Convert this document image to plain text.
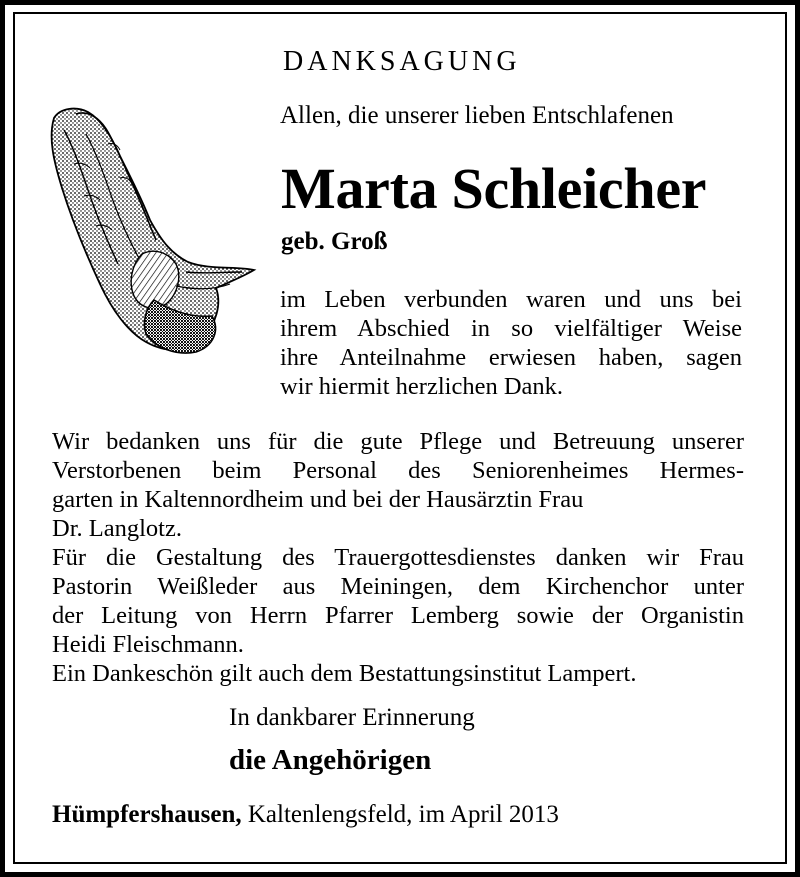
DANKSAGUNG
Allen, die unserer lieben Entschlafenen
Marta Schleicher
geb. Groß
im Leben verbunden waren und uns bei
ihrem Abschied in so vielfältiger Weise
ihre Anteilnahme erwiesen haben, sagen
wir hiermit herzlichen Dank.
Wir bedanken uns für die gute Pflege und Betreuung unserer
Verstorbenen beim Personal des Seniorenheimes Hermes-
garten in Kaltennordheim und bei der Hausärztin Frau
Dr. Langlotz.
Für die Gestaltung des Trauergottesdienstes danken wir Frau
Pastorin Weißleder aus Meiningen, dem Kirchenchor unter
der Leitung von Herrn Pfarrer Lemberg sowie der Organistin
Heidi Fleischmann.
Ein Dankeschön gilt auch dem Bestattungsinstitut Lampert.
In dankbarer Erinnerung
die Angehörigen
Hümpfershausen, Kaltenlengsfeld, im April 2013
